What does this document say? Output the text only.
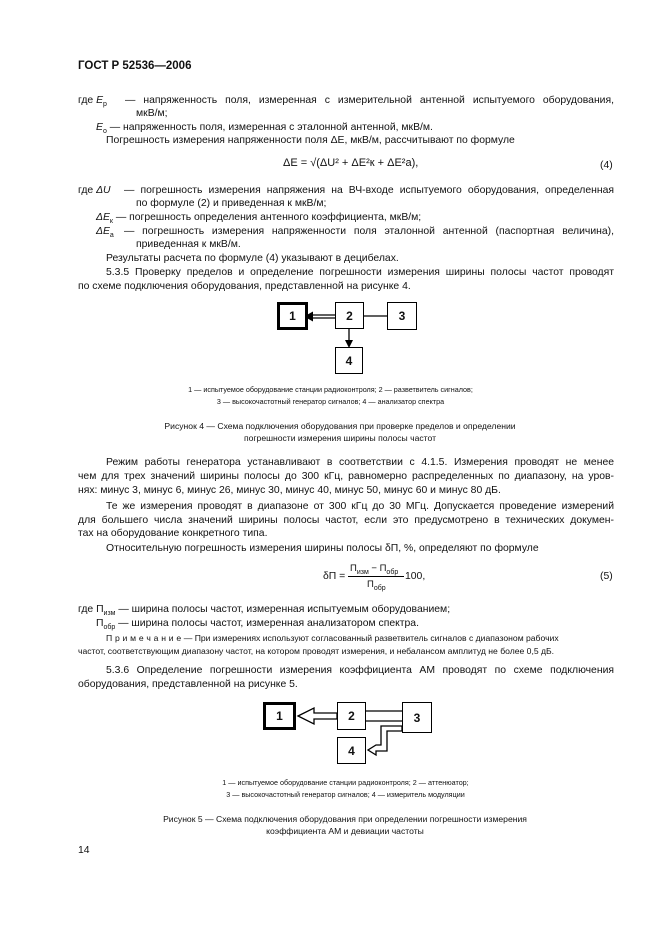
ГОСТ Р 52536—2006
где $E_р$ — напряженность поля, измеренная с измерительной антенной испытуемого оборудования,
мкВ/м;
$E_о$ — напряженность поля, измеренная с эталонной антенной, мкВ/м.
Погрешность измерения напряженности поля ΔE, мкВ/м, рассчитывают по формуле
ΔE = √(ΔU² + ΔE²к + ΔE²а),	(4)
где ΔU — погрешность измерения напряжения на ВЧ-входе испытуемого оборудования, определенная
по формуле (2) и приведенная к мкВ/м;
$\Delta E_к$ — погрешность определения антенного коэффициента, мкВ/м;
$\Delta E_а$ — погрешность измерения напряженности поля эталонной антенной (паспортная величина),
приведенная к мкВ/м.
Результаты расчета по формуле (4) указывают в децибелах.
5.3.5 Проверку пределов и определение погрешности измерения ширины полосы частот проводят
по схеме подключения оборудования, представленной на рисунке 4.
1	2	3
4
1 — испытуемое оборудование станции радиоконтроля; 2 — разветвитель сигналов;
3 — высокочастотный генератор сигналов; 4 — анализатор спектра
Рисунок 4 — Схема подключения оборудования при проверке пределов и определении
погрешности измерения ширины полосы частот
Режим работы генератора устанавливают в соответствии с 4.1.5. Измерения проводят не менее
чем для трех значений ширины полосы до 300 кГц, равномерно распределенных по диапазону, на уров-
нях: минус 3, минус 6, минус 26, минус 30, минус 40, минус 50, минус 60 и минус 80 дБ.
Те же измерения проводят в диапазоне от 300 кГц до 30 МГц. Допускается проведение измерений
для большего числа значений ширины полосы частот, если это предусмотрено в технических докумен-
тах на оборудование конкретного типа.
Относительную погрешность измерения ширины полосы δП, %, определяют по формуле
δП =
$П_{изм} - П_{обр}$
$П_{обр}$
100,	(5)
где $П_{изм}$ — ширина полосы частот, измеренная испытуемым оборудованием;
$П_{обр}$ — ширина полосы частот, измеренная анализатором спектра.
П р и м е ч а н и е — При измерениях используют согласованный разветвитель сигналов с диапазоном рабочих
частот, соответствующим диапазону частот, на котором проводят измерения, и небалансом амплитуд не более 0,5 дБ.
5.3.6 Определение погрешности измерения коэффициента АМ проводят по схеме подключения
оборудования, представленной на рисунке 5.
1	2	3
4
1 — испытуемое оборудование станции радиоконтроля; 2 — аттенюатор;
3 — высокочастотный генератор сигналов; 4 — измеритель модуляции
Рисунок 5 — Схема подключения оборудования при определении погрешности измерения
коэффициента АМ и девиации частоты
14
